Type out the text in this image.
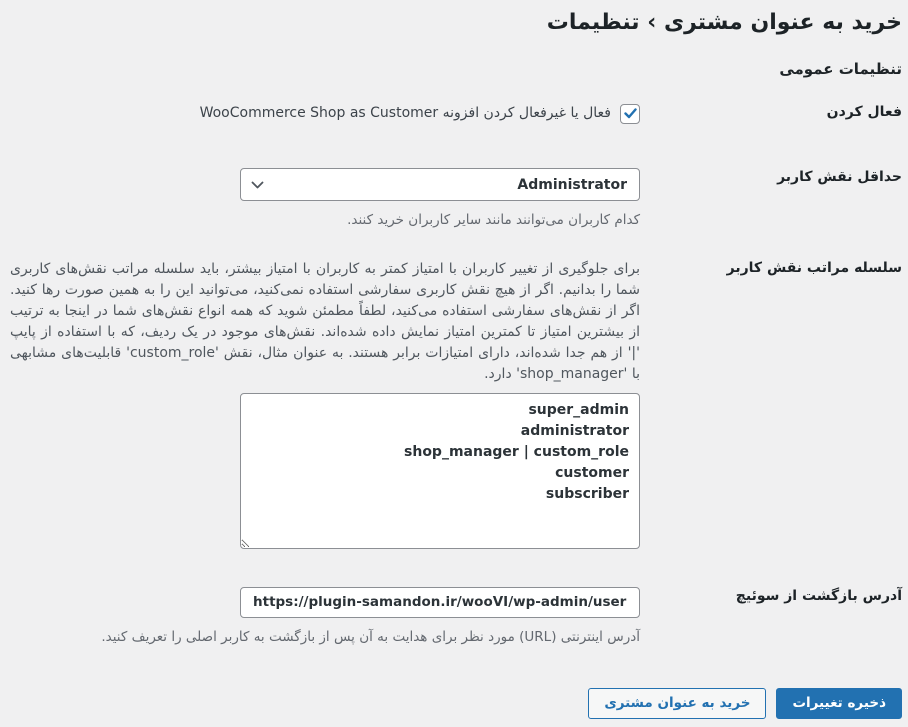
خرید به عنوان مشتری › تنظیمات
تنظیمات عمومی
فعال کردن	فعال یا غیرفعال کردن افزونه WooCommerce Shop as Customer

حداقل نقش کاربر	
Administrator
کدام کاربران می‌توانند مانند سایر کاربران خرید کنند.

سلسله مراتب نقش کاربر	برای جلوگیری از تغییر کاربران با امتیاز کمتر به کاربران با امتیاز بیشتر، باید سلسله مراتب نقش‌های کاربری شما را بدانیم. اگر از هیچ نقش کاربری سفارشی استفاده نمی‌کنید، می‌توانید این را به همین صورت رها کنید. اگر از نقش‌های سفارشی استفاده می‌کنید، لطفاً مطمئن شوید که همه انواع نقش‌های شما در اینجا به ترتیب از بیشترین امتیاز تا کمترین امتیاز نمایش داده شده‌اند. نقش‌های موجود در یک ردیف، که با استفاده از پایپ '|' از هم جدا شده‌اند، دارای امتیازات برابر هستند. به عنوان مثال، نقش 'custom_role' قابلیت‌های مشابهی با 'shop_manager' دارد.

super_admin administrator shop_manager | custom_role customer subscriber
آدرس بازگشت از سوئیچ	https://plugin-samandon.ir/wooVI/wp-admin/users.php
آدرس اینترنتی (URL) مورد نظر برای هدایت به آن پس از بازگشت به کاربر اصلی را تعریف کنید.
ذخیره تغییرات
خرید به عنوان مشتری
